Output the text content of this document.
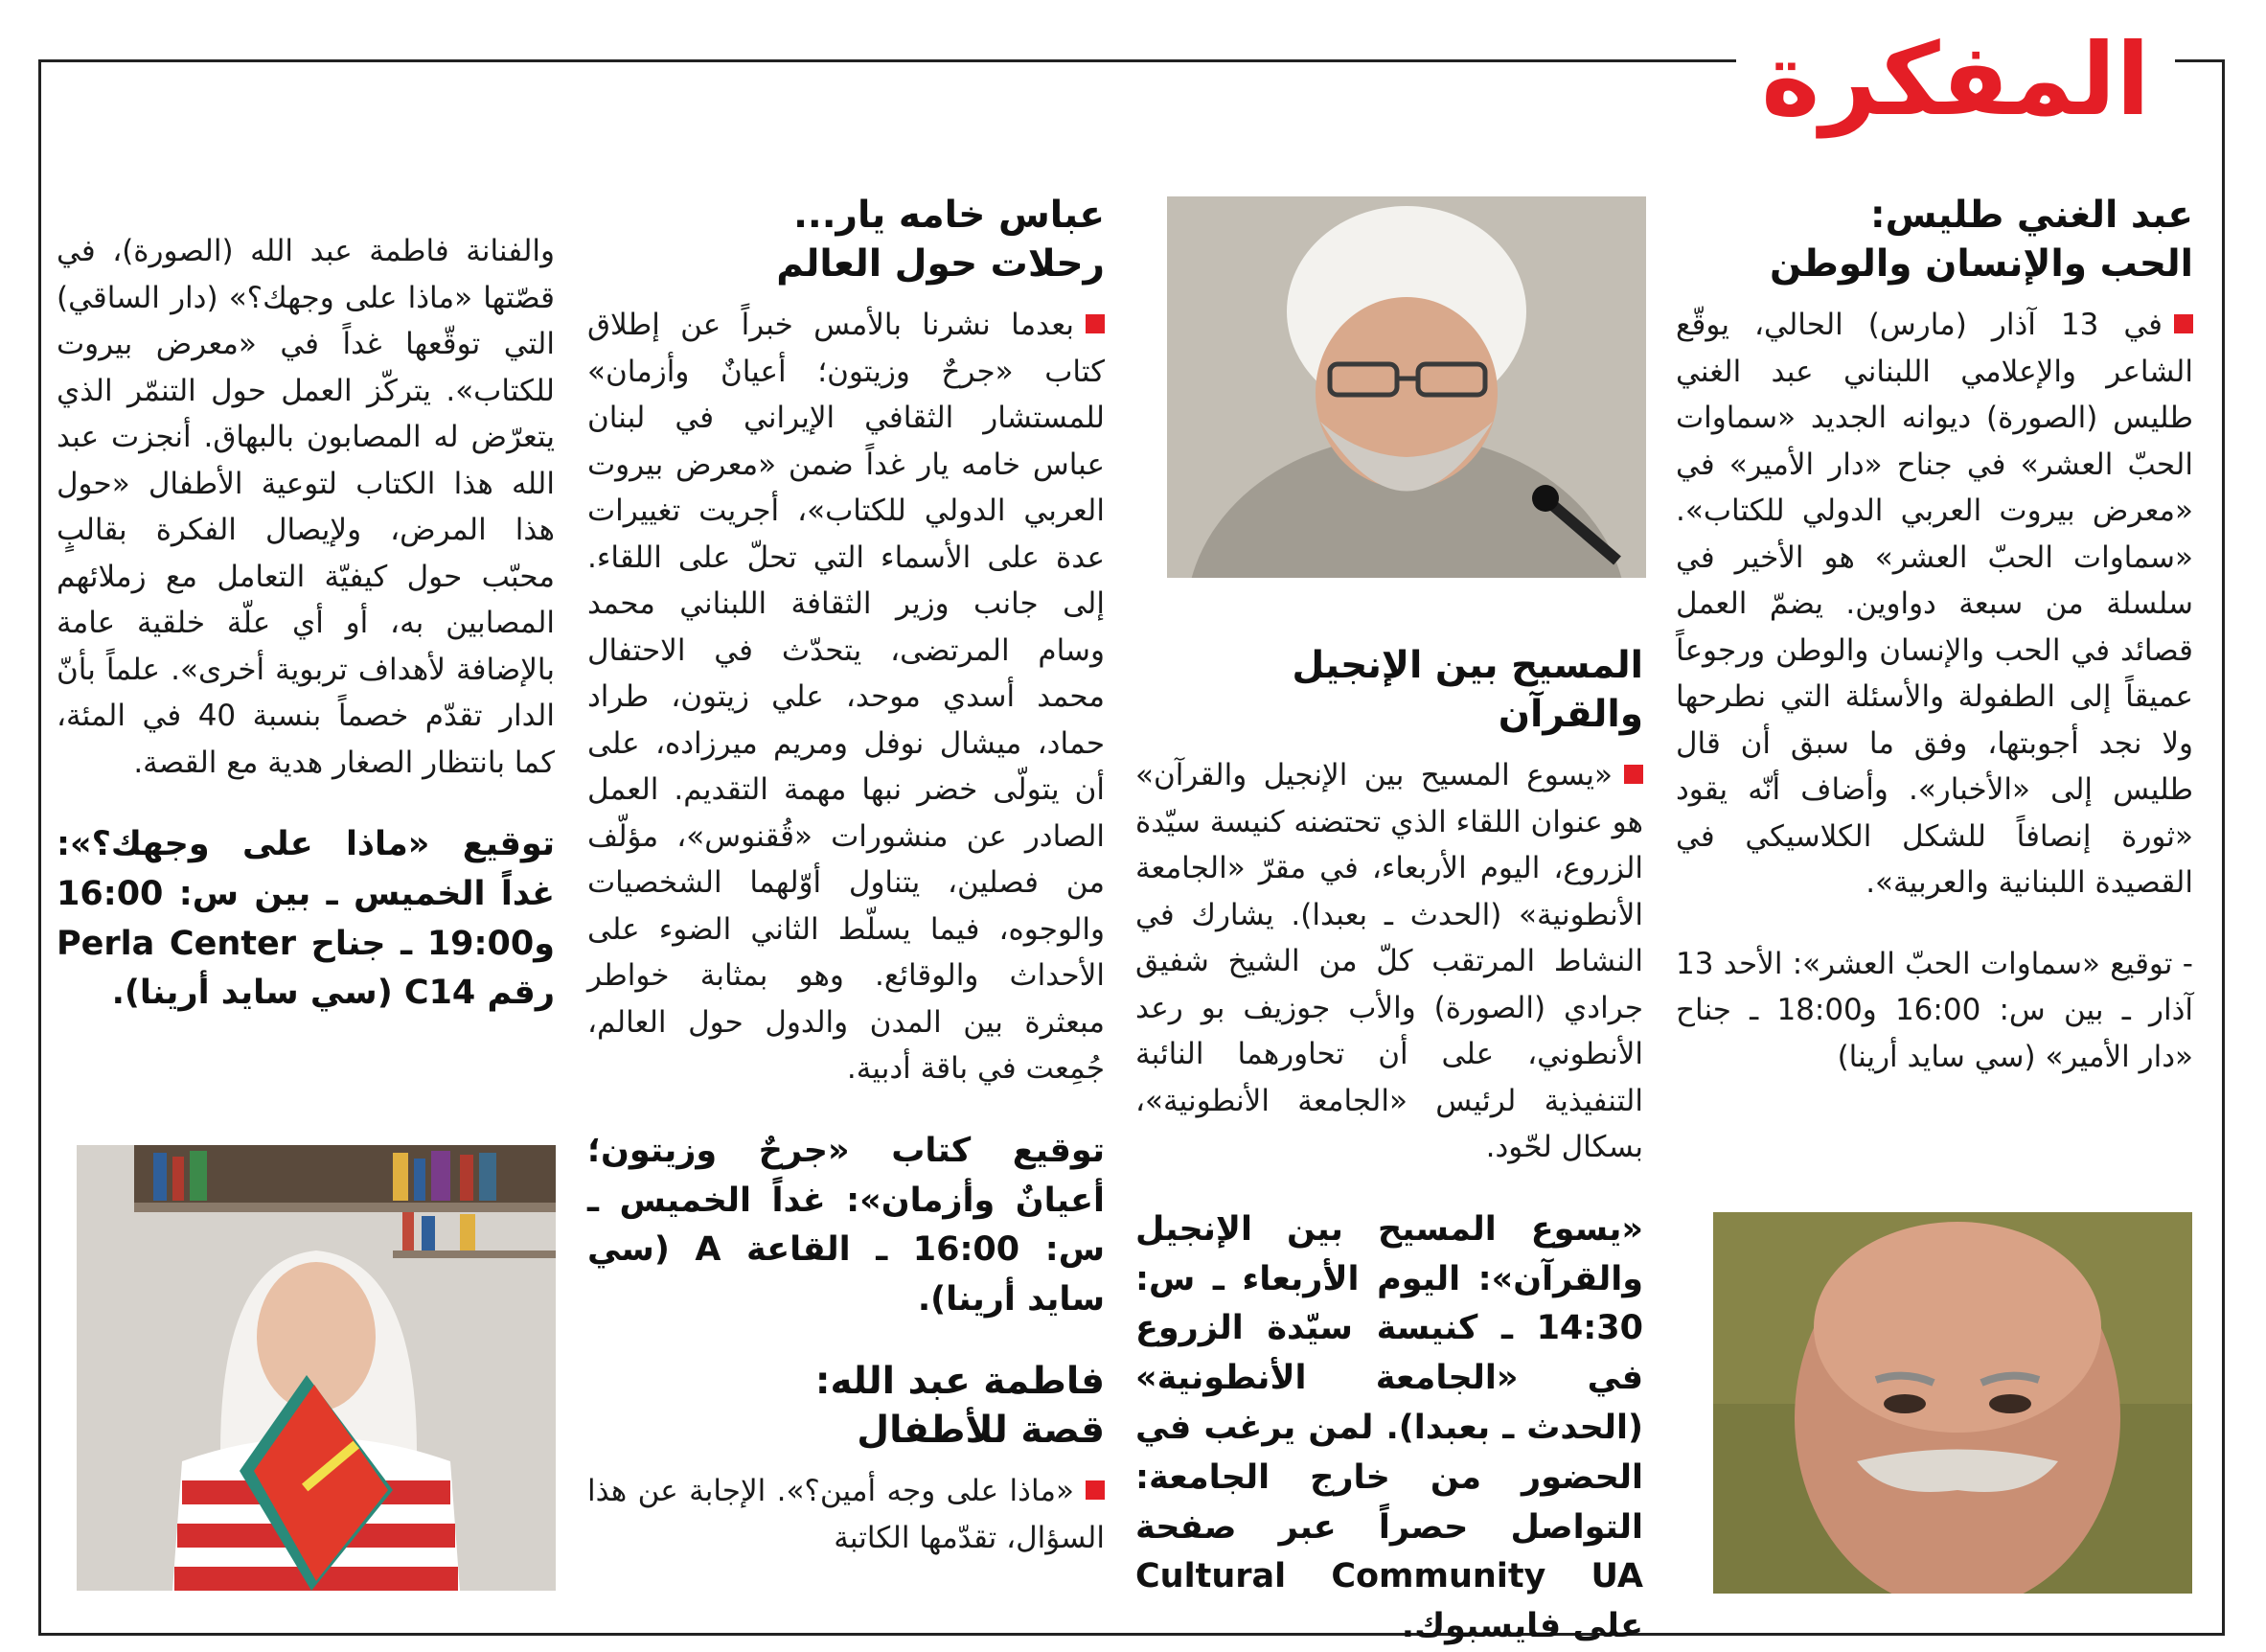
المفكرة
عبد الغني طليس:
الحب والإنسان والوطن

في 13 آذار (مارس) الحالي، يوقّع الشاعر والإعلامي اللبناني عبد الغني طليس (الصورة) ديوانه الجديد «سماوات الحبّ العشر» في جناح «دار الأمير» في «معرض بيروت العربي الدولي للكتاب». «سماوات الحبّ العشر» هو الأخير في سلسلة من سبعة دواوين. يضمّ العمل قصائد في الحب والإنسان والوطن ورجوعاً عميقاً إلى الطفولة والأسئلة التي نطرحها ولا نجد أجوبتها، وفق ما سبق أن قال طليس إلى «الأخبار». وأضاف أنّه يقود «ثورة إنصافاً للشكل الكلاسيكي في القصيدة اللبنانية والعربية».

- توقيع «سماوات الحبّ العشر»: الأحد 13 آذار ـ بين س: 16:00 و18:00 ـ جناح «دار الأمير» (سي سايد أرينا)

المسيح بين الإنجيل والقرآن

«يسوع المسيح بين الإنجيل والقرآن» هو عنوان اللقاء الذي تحتضنه كنيسة سيّدة الزروع، اليوم الأربعاء، في مقرّ «الجامعة الأنطونية» (الحدث ـ بعبدا). يشارك في النشاط المرتقب كلّ من الشيخ شفيق جرادي (الصورة) والأب جوزيف بو رعد الأنطوني، على أن تحاورهما النائبة التنفيذية لرئيس «الجامعة الأنطونية»، بسكال لحّود.

«يسوع المسيح بين الإنجيل والقرآن»: اليوم الأربعاء ـ س: 14:30 ـ كنيسة سيّدة الزروع في «الجامعة الأنطونية» (الحدث ـ بعبدا). لمن يرغب في الحضور من خارج الجامعة: التواصل حصراً عبر صفحة Cultural Community UA على فايسبوك.

عباس خامه يار...
رحلات حول العالم

بعدما نشرنا بالأمس خبراً عن إطلاق كتاب «جرحٌ وزيتون؛ أعيانٌ وأزمان» للمستشار الثقافي الإيراني في لبنان عباس خامه يار غداً ضمن «معرض بيروت العربي الدولي للكتاب»، أجريت تغييرات عدة على الأسماء التي تحلّ على اللقاء. إلى جانب وزير الثقافة اللبناني محمد وسام المرتضى، يتحدّث في الاحتفال محمد أسدي موحد، علي زيتون، طراد حماد، ميشال نوفل ومريم ميرزاده، على أن يتولّى خضر نبها مهمة التقديم. العمل الصادر عن منشورات «قُقنوس»، مؤلّف من فصلين، يتناول أوّلهما الشخصيات والوجوه، فيما يسلّط الثاني الضوء على الأحداث والوقائع. وهو بمثابة خواطر مبعثرة بين المدن والدول حول العالم، جُمِعت في باقة أدبية.

توقيع كتاب «جرحٌ وزيتون؛ أعيانٌ وأزمان»: غداً الخميس ـ س: 16:00 ـ القاعة A (سي سايد أرينا).

فاطمة عبد الله:
قصة للأطفال

«ماذا على وجه أمين؟». الإجابة عن هذا السؤال، تقدّمها الكاتبة

والفنانة فاطمة عبد الله (الصورة)، في قصّتها «ماذا على وجهك؟» (دار الساقي) التي توقّعها غداً في «معرض بيروت للكتاب». يتركّز العمل حول التنمّر الذي يتعرّض له المصابون بالبهاق. أنجزت عبد الله هذا الكتاب لتوعية الأطفال «حول هذا المرض، ولإيصال الفكرة بقالبٍ محبّب حول كيفيّة التعامل مع زملائهم المصابين به، أو أي علّة خلقية عامة بالإضافة لأهداف تربوية أخرى». علماً بأنّ الدار تقدّم خصماً بنسبة 40 في المئة، كما بانتظار الصغار هدية مع القصة.

توقيع «ماذا على وجهك؟»: غداً الخميس ـ بين س: 16:00 و19:00 ـ جناح Perla Center رقم C14 (سي سايد أرينا).
